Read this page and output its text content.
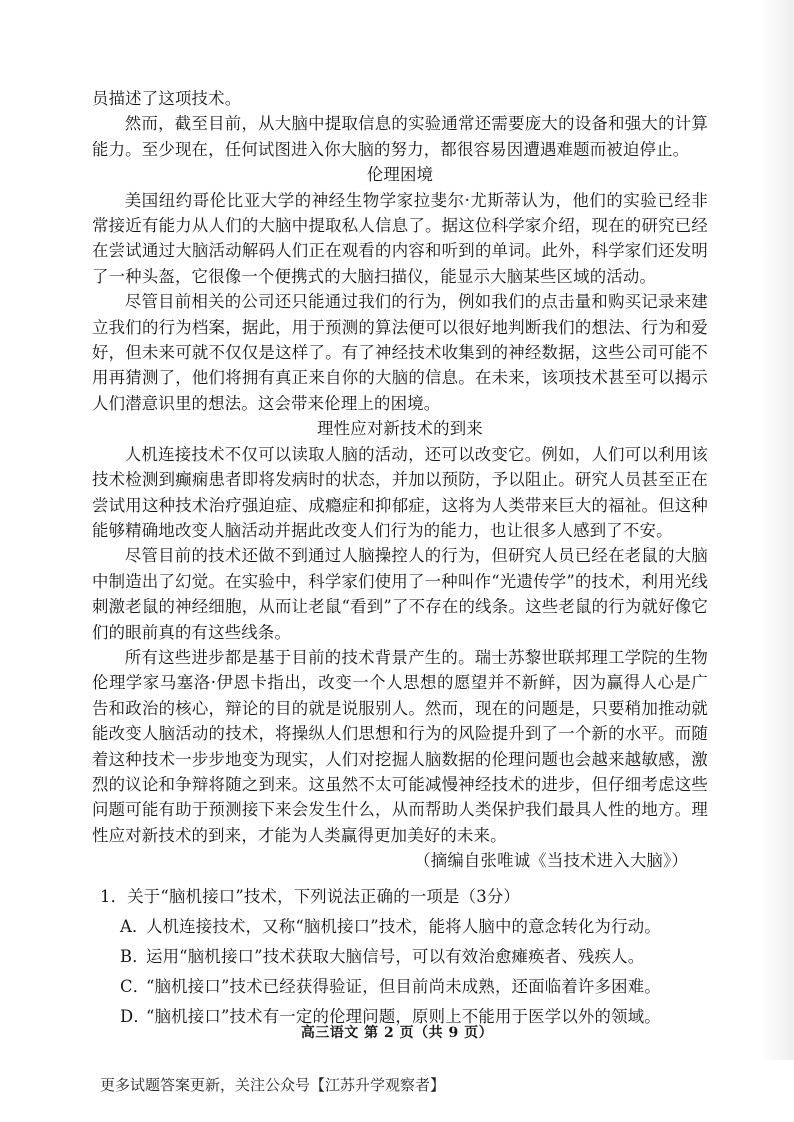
员描述了这项技术。

然而，截至目前，从大脑中提取信息的实验通常还需要庞大的设备和强大的计算能力。至少现在，任何试图进入你大脑的努力，都很容易因遭遇难题而被迫停止。

伦理困境

美国纽约哥伦比亚大学的神经生物学家拉斐尔·尤斯蒂认为，他们的实验已经非常接近有能力从人们的大脑中提取私人信息了。据这位科学家介绍，现在的研究已经在尝试通过大脑活动解码人们正在观看的内容和听到的单词。此外，科学家们还发明了一种头盔，它很像一个便携式的大脑扫描仪，能显示大脑某些区域的活动。

尽管目前相关的公司还只能通过我们的行为，例如我们的点击量和购买记录来建立我们的行为档案，据此，用于预测的算法便可以很好地判断我们的想法、行为和爱好，但未来可就不仅仅是这样了。有了神经技术收集到的神经数据，这些公司可能不用再猜测了，他们将拥有真正来自你的大脑的信息。在未来，该项技术甚至可以揭示人们潜意识里的想法。这会带来伦理上的困境。

理性应对新技术的到来

人机连接技术不仅可以读取人脑的活动，还可以改变它。例如，人们可以利用该技术检测到癫痫患者即将发病时的状态，并加以预防，予以阻止。研究人员甚至正在尝试用这种技术治疗强迫症、成瘾症和抑郁症，这将为人类带来巨大的福祉。但这种能够精确地改变人脑活动并据此改变人们行为的能力，也让很多人感到了不安。

尽管目前的技术还做不到通过人脑操控人的行为，但研究人员已经在老鼠的大脑中制造出了幻觉。在实验中，科学家们使用了一种叫作“光遗传学”的技术，利用光线刺激老鼠的神经细胞，从而让老鼠“看到”了不存在的线条。这些老鼠的行为就好像它们的眼前真的有这些线条。

所有这些进步都是基于目前的技术背景产生的。瑞士苏黎世联邦理工学院的生物伦理学家马塞洛·伊恩卡指出，改变一个人思想的愿望并不新鲜，因为赢得人心是广告和政治的核心，辩论的目的就是说服别人。然而，现在的问题是，只要稍加推动就能改变人脑活动的技术，将操纵人们思想和行为的风险提升到了一个新的水平。而随着这种技术一步步地变为现实，人们对挖掘人脑数据的伦理问题也会越来越敏感，激烈的议论和争辩将随之到来。这虽然不太可能减慢神经技术的进步，但仔细考虑这些问题可能有助于预测接下来会发生什么，从而帮助人类保护我们最具人性的地方。理性应对新技术的到来，才能为人类赢得更加美好的未来。

（摘编自张唯诚《当技术进入大脑》）

1．关于“脑机接口”技术，下列说法正确的一项是（3分）

A．
人机连接技术，又称“脑机接口”技术，能将人脑中的意念转化为行动。

B．
运用“脑机接口”技术获取大脑信号，可以有效治愈瘫痪者、残疾人。

C．
“脑机接口”技术已经获得验证，但目前尚未成熟，还面临着许多困难。

D．
“脑机接口”技术有一定的伦理问题，原则上不能用于医学以外的领域。

高三语文 第 2 页（共 9 页）
更多试题答案更新，关注公众号【江苏升学观察者】
